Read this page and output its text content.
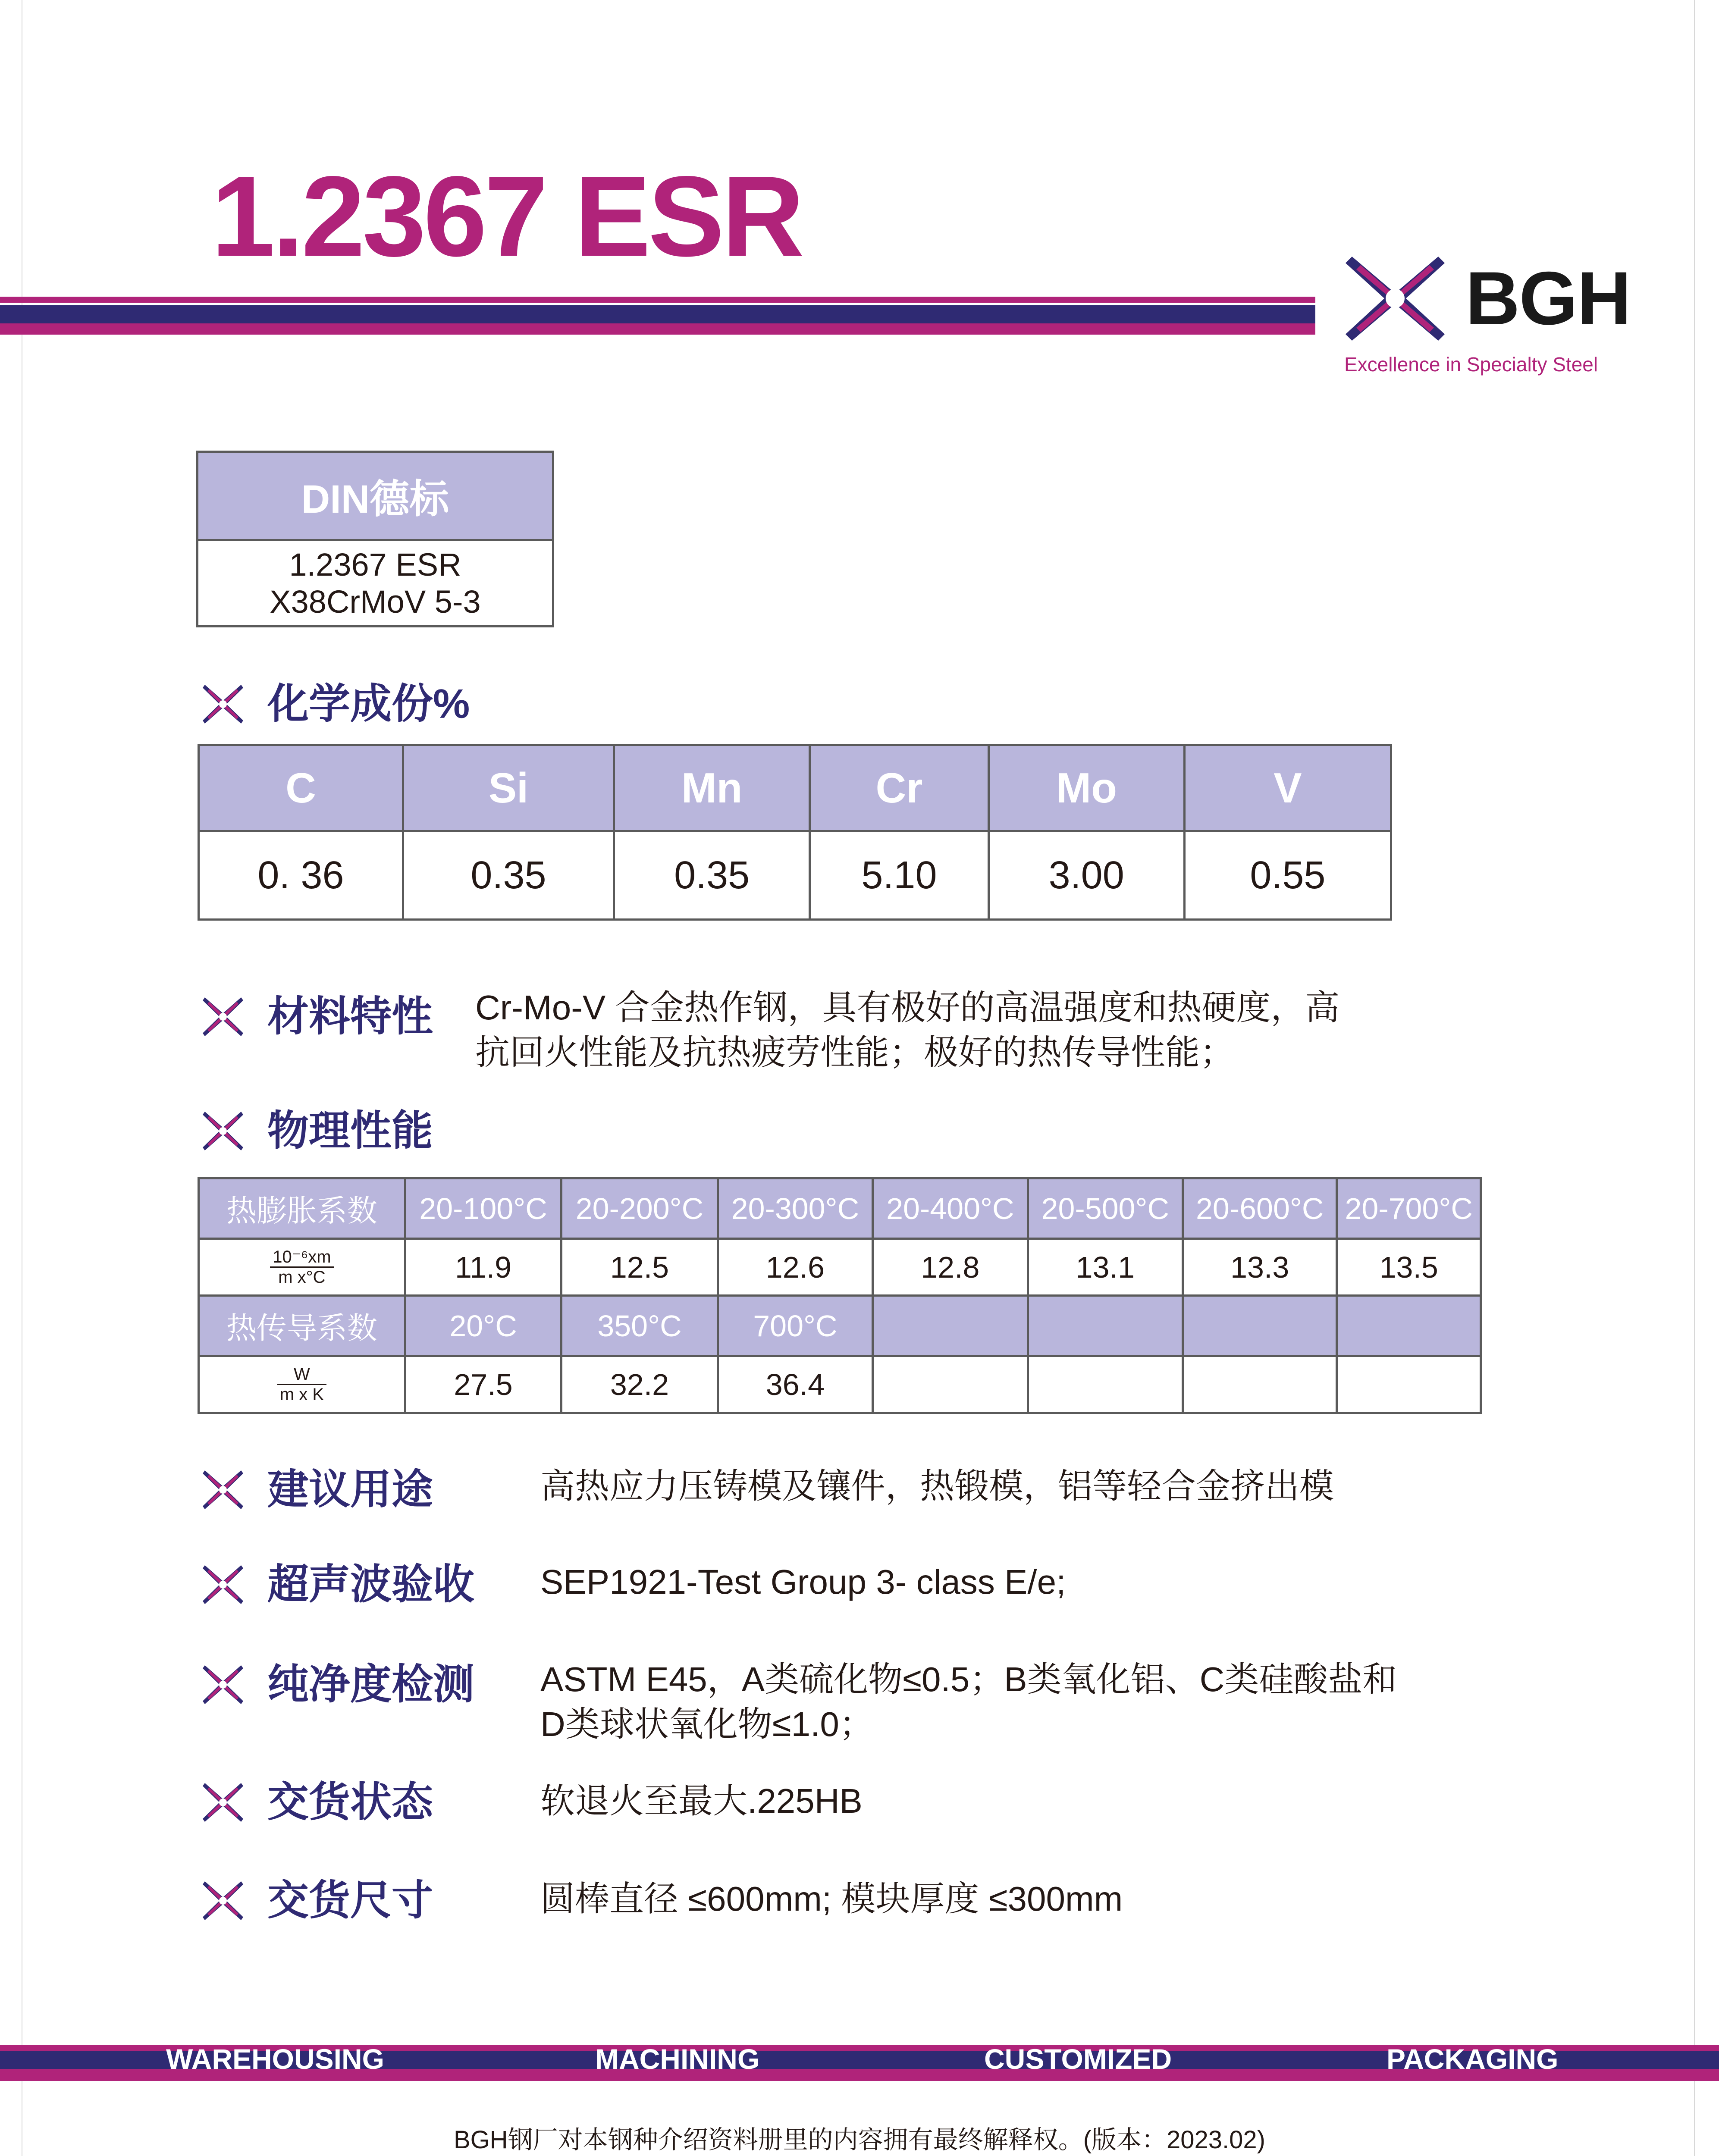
1.2367 ESR
BGH
Excellence in Specialty Steel
DIN德标

1.2367 ESR
X38CrMoV 5-3
化学成份%
C	Si	Mn	Cr	Mo	V
0. 36	0.35	0.35	5.10	3.00	0.55
材料特性 Cr-Mo-V 合金热作钢，具有极好的高温强度和热硬度，高
抗回火性能及抗热疲劳性能；极好的热传导性能；
物理性能
热膨胀系数	20-100°C	20-200°C	20-300°C	20-400°C	20-500°C	20-600°C	20-700°C

$\frac{\text{10⁻⁶xm}}{\text{m x°C}}$	11.9	12.5	12.6	12.8	13.1	13.3	13.5
热传导系数	20°C	350°C	700°C				

$\frac{W}{\text{m x K}}$	27.5	32.2	36.4				
建议用途	高热应力压铸模及镶件，热锻模，铝等轻合金挤出模
超声波验收 SEP1921-Test Group 3- class E/e;
纯净度检测 ASTM E45，A类硫化物≤0.5；B类氧化铝、C类硅酸盐和
D类球状氧化物≤1.0；
交货状态	软退火至最大.225HB
交货尺寸	圆棒直径 ≤600mm; 模块厚度 ≤300mm
WAREHOUSING	MACHINING	CUSTOMIZED	PACKAGING
BGH钢厂对本钢种介绍资料册里的内容拥有最终解释权。(版本：2023.02)
